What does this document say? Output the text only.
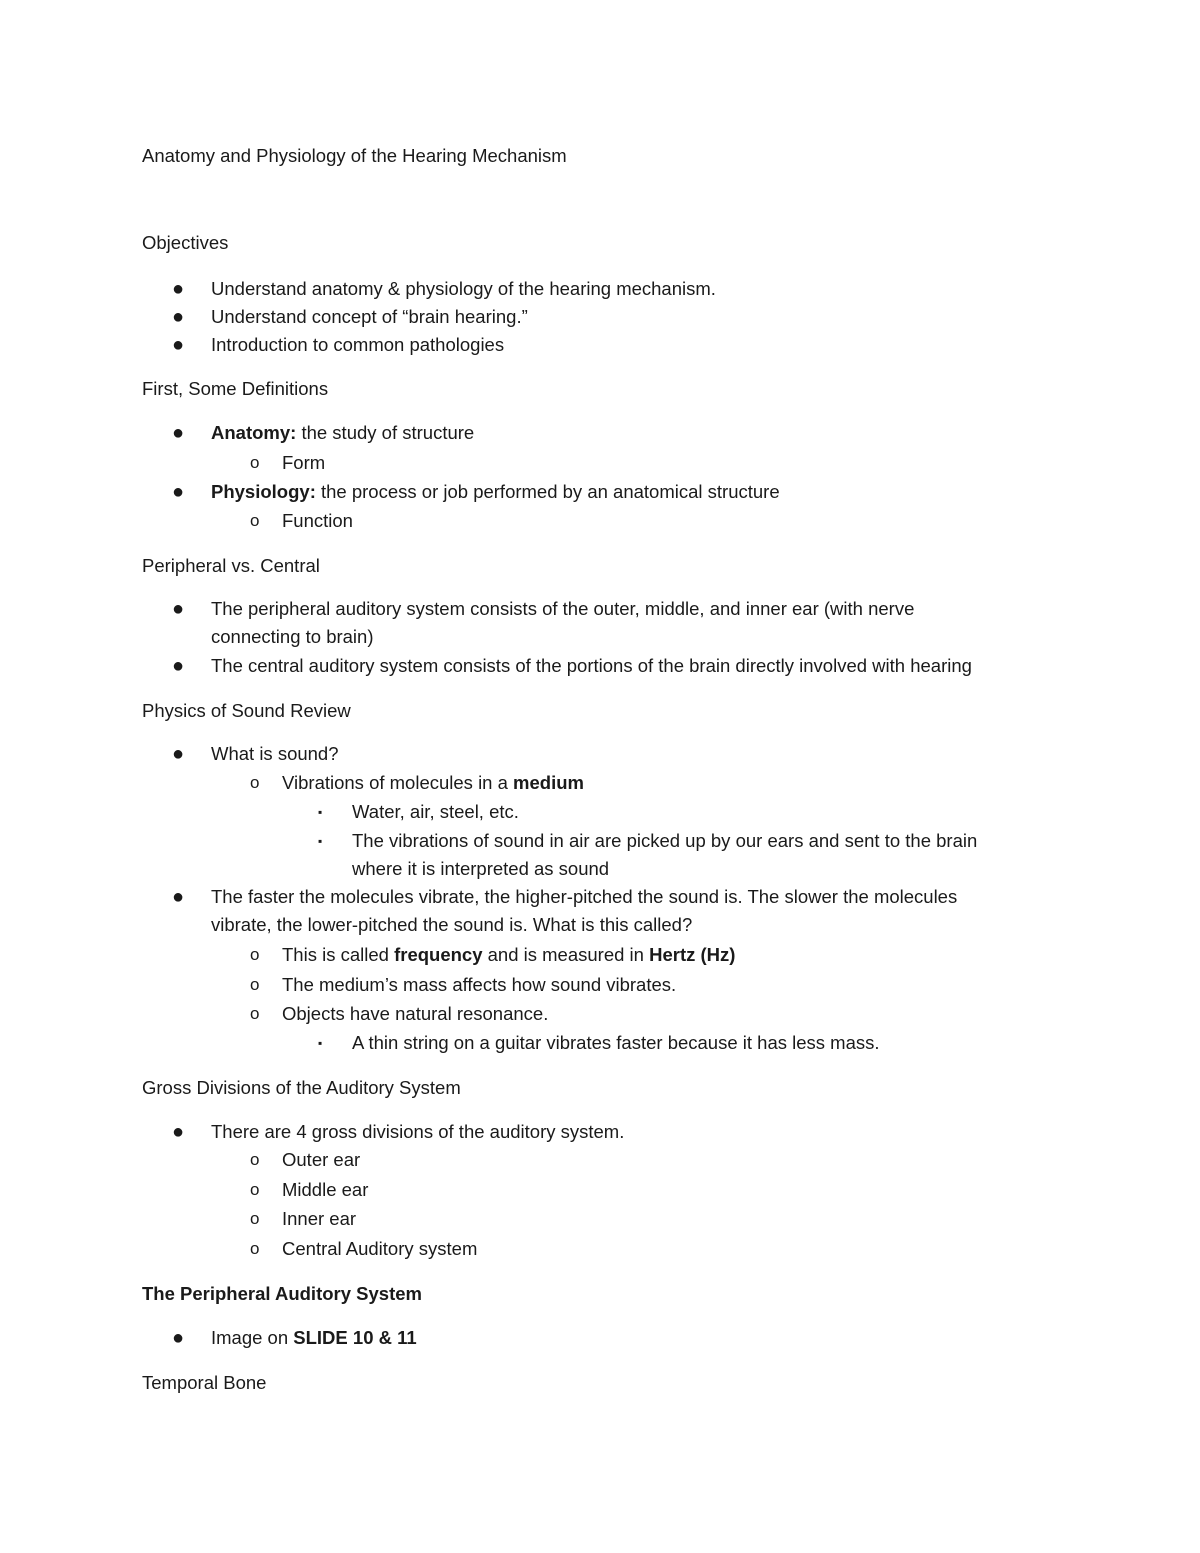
Anatomy and Physiology of the Hearing Mechanism
Objectives
● Understand anatomy & physiology of the hearing mechanism.
● Understand concept of “brain hearing.”
● Introduction to common pathologies
First, Some Definitions
● Anatomy: the study of structure
o Form
● Physiology: the process or job performed by an anatomical structure
o Function
Peripheral vs. Central
● The peripheral auditory system consists of the outer, middle, and inner ear (with nerve
connecting to brain)
● The central auditory system consists of the portions of the brain directly involved with hearing
Physics of Sound Review
● What is sound?
o Vibrations of molecules in a medium
▪ Water, air, steel, etc.
▪ The vibrations of sound in air are picked up by our ears and sent to the brain
where it is interpreted as sound
● The faster the molecules vibrate, the higher-pitched the sound is. The slower the molecules
vibrate, the lower-pitched the sound is. What is this called?
o This is called frequency and is measured in Hertz (Hz)
o The medium’s mass affects how sound vibrates.
o Objects have natural resonance.
▪ A thin string on a guitar vibrates faster because it has less mass.
Gross Divisions of the Auditory System
● There are 4 gross divisions of the auditory system.
o Outer ear
o Middle ear
o Inner ear
o Central Auditory system
The Peripheral Auditory System
● Image on SLIDE 10 & 11
Temporal Bone
